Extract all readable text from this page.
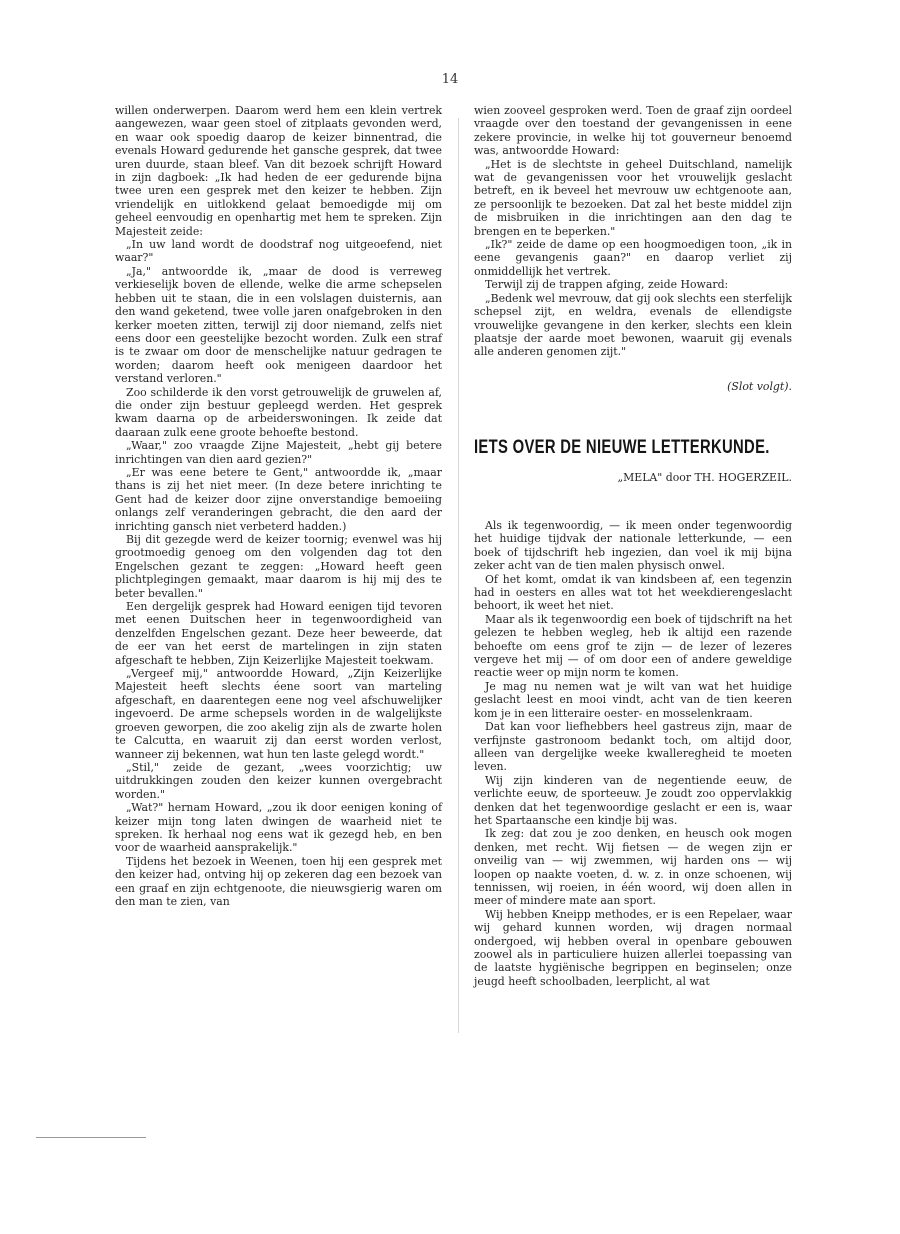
14

willen onderwerpen. Daarom werd hem een klein vertrek aangewezen, waar geen stoel of zitplaats gevonden werd, en waar ook spoedig daarop de keizer binnentrad, die evenals Howard gedurende het gansche gesprek, dat twee uren duurde, staan bleef. Van dit bezoek schrijft Howard in zijn dagboek: „Ik had heden de eer gedurende bijna twee uren een gesprek met den keizer te hebben. Zijn vriendelijk en uitlokkend gelaat bemoedigde mij om geheel eenvoudig en openhartig met hem te spreken. Zijn Majesteit zeide:

„In uw land wordt de doodstraf nog uitgeoefend, niet waar?"

„Ja," antwoordde ik, „maar de dood is verreweg verkieselijk boven de ellende, welke die arme schepselen hebben uit te staan, die in een volslagen duisternis, aan den wand geketend, twee volle jaren onafgebroken in den kerker moeten zitten, terwijl zij door niemand, zelfs niet eens door een geestelijke bezocht worden. Zulk een straf is te zwaar om door de menschelijke natuur gedragen te worden; daarom heeft ook menigeen daardoor het verstand verloren."

Zoo schilderde ik den vorst getrouwelijk de gruwelen af, die onder zijn bestuur gepleegd werden. Het gesprek kwam daarna op de arbeiderswoningen. Ik zeide dat daaraan zulk eene groote behoefte bestond.

„Waar," zoo vraagde Zijne Majesteit, „hebt gij betere inrichtingen van dien aard gezien?"

„Er was eene betere te Gent," antwoordde ik, „maar thans is zij het niet meer. (In deze betere inrichting te Gent had de keizer door zijne onverstandige bemoeiing onlangs zelf veranderingen gebracht, die den aard der inrichting gansch niet verbeterd hadden.)

Bij dit gezegde werd de keizer toornig; evenwel was hij grootmoedig genoeg om den volgenden dag tot den Engelschen gezant te zeggen: „Howard heeft geen plichtplegingen gemaakt, maar daarom is hij mij des te beter bevallen."

Een dergelijk gesprek had Howard eenigen tijd tevoren met eenen Duitschen heer in tegenwoordigheid van denzelfden Engelschen gezant. Deze heer beweerde, dat de eer van het eerst de martelingen in zijn staten afgeschaft te hebben, Zijn Keizerlijke Majesteit toekwam.

„Vergeef mij," antwoordde Howard, „Zijn Keizerlijke Majesteit heeft slechts éene soort van marteling afgeschaft, en daarentegen eene nog veel afschuwelijker ingevoerd. De arme schepsels worden in de walgelijkste groeven geworpen, die zoo akelig zijn als de zwarte holen te Calcutta, en waaruit zij dan eerst worden verlost, wanneer zij bekennen, wat hun ten laste gelegd wordt."

„Stil," zeide de gezant, „wees voorzichtig; uw uitdrukkingen zouden den keizer kunnen overgebracht worden."

„Wat?" hernam Howard, „zou ik door eenigen koning of keizer mijn tong laten dwingen de waarheid niet te spreken. Ik herhaal nog eens wat ik gezegd heb, en ben voor de waarheid aansprakelijk."

Tijdens het bezoek in Weenen, toen hij een gesprek met den keizer had, ontving hij op zekeren dag een bezoek van een graaf en zijn echtgenoote, die nieuwsgierig waren om den man te zien, van

wien zooveel gesproken werd. Toen de graaf zijn oordeel vraagde over den toestand der gevangenissen in eene zekere provincie, in welke hij tot gouverneur benoemd was, antwoordde Howard:

„Het is de slechtste in geheel Duitschland, namelijk wat de gevangenissen voor het vrouwelijk geslacht betreft, en ik beveel het mevrouw uw echtgenoote aan, ze persoonlijk te bezoeken. Dat zal het beste middel zijn de misbruiken in die inrichtingen aan den dag te brengen en te beperken."

„Ik?" zeide de dame op een hoogmoedigen toon, „ik in eene gevangenis gaan?" en daarop verliet zij onmiddellijk het vertrek.

Terwijl zij de trappen afging, zeide Howard:

„Bedenk wel mevrouw, dat gij ook slechts een sterfelijk schepsel zijt, en weldra, evenals de ellendigste vrouwelijke gevangene in den kerker, slechts een klein plaatsje der aarde moet bewonen, waaruit gij evenals alle anderen genomen zijt."

(Slot volgt).

IETS OVER DE NIEUWE LETTERKUNDE.
„MELA" door TH. HOGERZEIL.

Als ik tegenwoordig, — ik meen onder tegenwoordig het huidige tijdvak der nationale letterkunde, — een boek of tijdschrift heb ingezien, dan voel ik mij bijna zeker acht van de tien malen physisch onwel.

Of het komt, omdat ik van kindsbeen af, een tegenzin had in oesters en alles wat tot het weekdierengeslacht behoort, ik weet het niet.

Maar als ik tegenwoordig een boek of tijdschrift na het gelezen te hebben wegleg, heb ik altijd een razende behoefte om eens grof te zijn — de lezer of lezeres vergeve het mij — of om door een of andere geweldige reactie weer op mijn norm te komen.

Je mag nu nemen wat je wilt van wat het huidige geslacht leest en mooi vindt, acht van de tien keeren kom je in een litteraire oester- en mosselenkraam.

Dat kan voor liefhebbers heel gastreus zijn, maar de verfijnste gastronoom bedankt toch, om altijd door, alleen van dergelijke weeke kwalleregheid te moeten leven.

Wij zijn kinderen van de negentiende eeuw, de verlichte eeuw, de sporteeuw. Je zoudt zoo oppervlakkig denken dat het tegenwoordige geslacht er een is, waar het Spartaansche een kindje bij was.

Ik zeg: dat zou je zoo denken, en heusch ook mogen denken, met recht. Wij fietsen — de wegen zijn er onveilig van — wij zwemmen, wij harden ons — wij loopen op naakte voeten, d. w. z. in onze schoenen, wij tennissen, wij roeien, in één woord, wij doen allen in meer of mindere mate aan sport.

Wij hebben Kneipp methodes, er is een Repelaer, waar wij gehard kunnen worden, wij dragen normaal ondergoed, wij hebben overal in openbare gebouwen zoowel als in particuliere huizen allerlei toepassing van de laatste hygiënische begrippen en beginselen; onze jeugd heeft schoolbaden, leerplicht, al wat
